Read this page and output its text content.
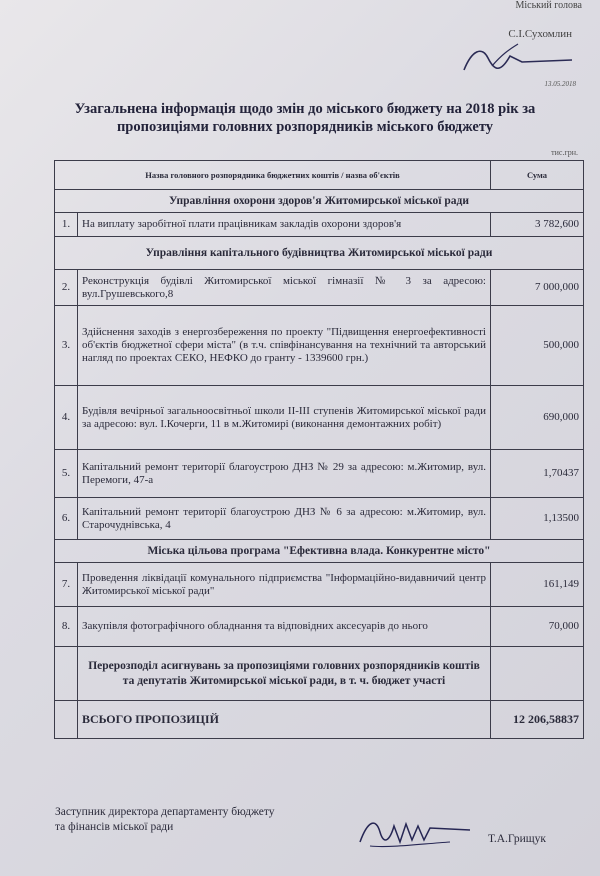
Міський голова
С.І.Сухомлин
13.05.2018
Узагальнена інформація щодо змін до міського бюджету на 2018 рік за пропозиціями головних розпорядників міського бюджету
тис.грн.
Назва головного розпорядника бюджетних коштів / назва об'єктів		Сума
Управління охорони здоров'я Житомирської міської ради		
1.	На виплату заробітної плати працівникам закладів охорони здоров'я	3 782,600
Управління капітального будівництва Житомирської міської ради		
2.	Реконструкція будівлі Житомирської міської гімназії № 3 за адресою: вул.Грушевського,8	7 000,000
3.	Здійснення заходів з енергозбереження по проекту "Підвищення енергоефективності об'єктів бюджетної сфери міста" (в т.ч. співфінансування на технічний та авторський нагляд по проектах СЕКО, НЕФКО до гранту - 1339600 грн.)	500,000
4.	Будівля вечірньої загальноосвітньої школи II-III ступенів Житомирської міської ради за адресою: вул. І.Кочерги, 11 в м.Житомирі (виконання демонтажних робіт)	690,000
5.	Капітальний ремонт території благоустрою ДНЗ № 29 за адресою: м.Житомир, вул. Перемоги, 47-а	1,70437
6.	Капітальний ремонт території благоустрою ДНЗ № 6 за адресою: м.Житомир, вул. Старочуднівська, 4	1,13500
Міська цільова програма "Ефективна влада. Конкурентне місто"		
7.	Проведення ліквідації комунального підприємства "Інформаційно-видавничий центр Житомирської міської ради"	161,149
8.	Закупівля фотографічного обладнання та відповідних аксесуарів до нього	70,000
	Перерозподіл асигнувань за пропозиціями головних розпорядників коштів та депутатів Житомирської міської ради, в т. ч. бюджет участі	
	ВСЬОГО ПРОПОЗИЦІЙ	12 206,58837
Заступник директора департаменту бюджету
та фінансів міської ради
Т.А.Грищук
